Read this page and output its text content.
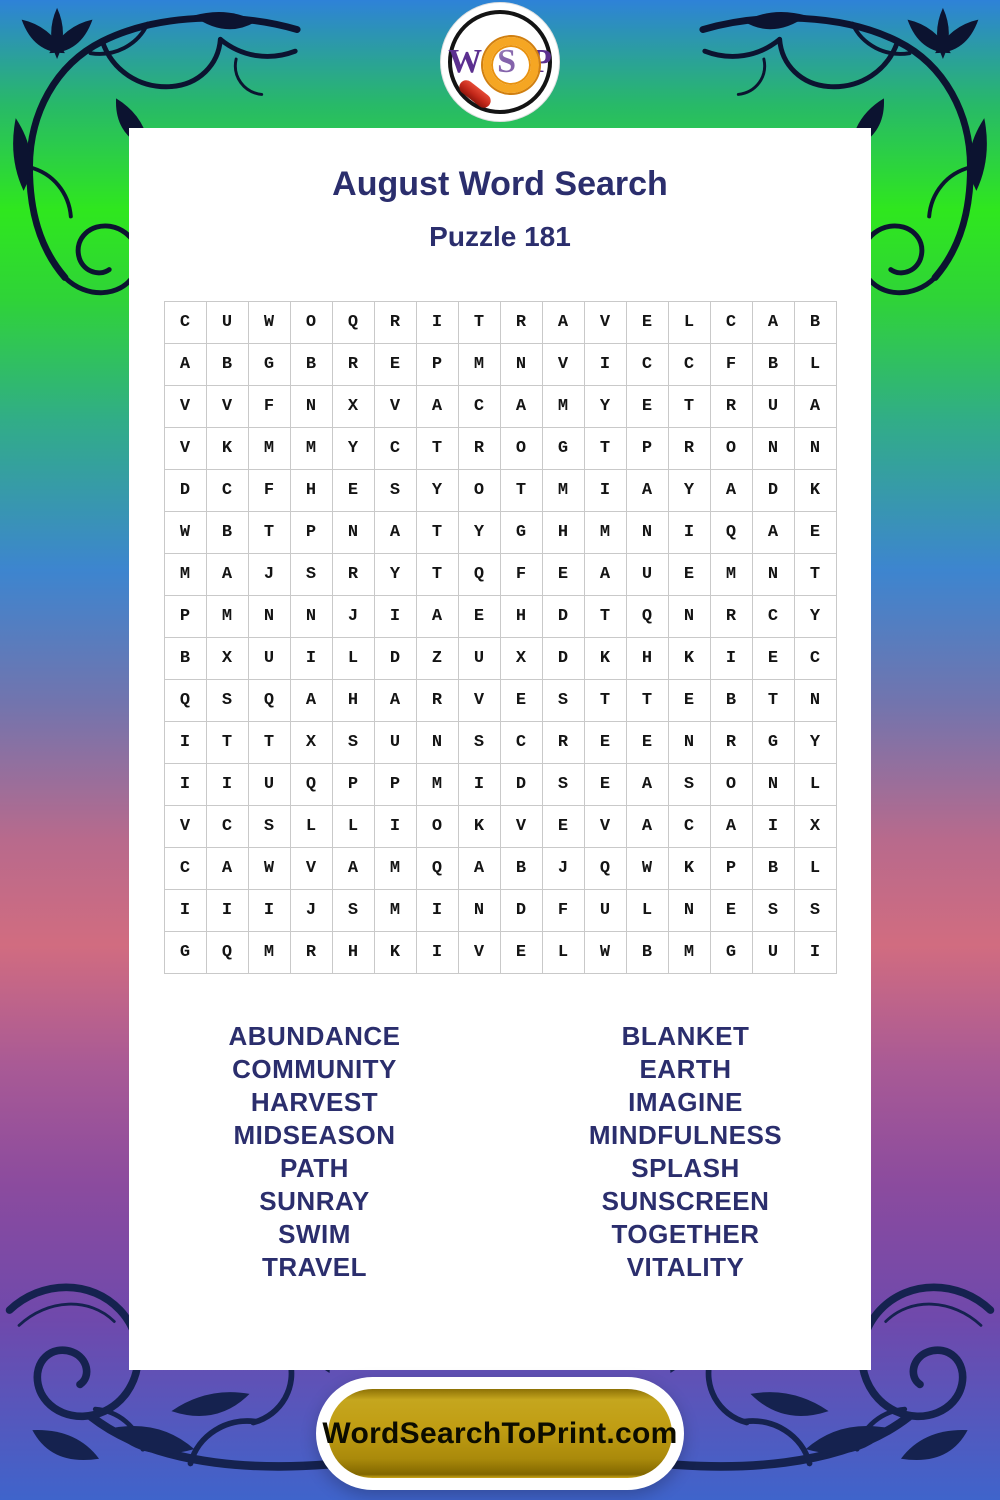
W S P
August Word Search
Puzzle 181
C	U	W	O	Q	R	I	T	R	A	V	E	L	C	A	B
A	B	G	B	R	E	P	M	N	V	I	C	C	F	B	L
V	V	F	N	X	V	A	C	A	M	Y	E	T	R	U	A
V	K	M	M	Y	C	T	R	O	G	T	P	R	O	N	N
D	C	F	H	E	S	Y	O	T	M	I	A	Y	A	D	K
W	B	T	P	N	A	T	Y	G	H	M	N	I	Q	A	E
M	A	J	S	R	Y	T	Q	F	E	A	U	E	M	N	T
P	M	N	N	J	I	A	E	H	D	T	Q	N	R	C	Y
B	X	U	I	L	D	Z	U	X	D	K	H	K	I	E	C
Q	S	Q	A	H	A	R	V	E	S	T	T	E	B	T	N
I	T	T	X	S	U	N	S	C	R	E	E	N	R	G	Y
I	I	U	Q	P	P	M	I	D	S	E	A	S	O	N	L
V	C	S	L	L	I	O	K	V	E	V	A	C	A	I	X
C	A	W	V	A	M	Q	A	B	J	Q	W	K	P	B	L
I	I	I	J	S	M	I	N	D	F	U	L	N	E	S	S
G	Q	M	R	H	K	I	V	E	L	W	B	M	G	U	I
ABUNDANCE
COMMUNITY
HARVEST
MIDSEASON
PATH
SUNRAY
SWIM
TRAVEL
BLANKET
EARTH
IMAGINE
MINDFULNESS
SPLASH
SUNSCREEN
TOGETHER
VITALITY
WordSearchToPrint.com
